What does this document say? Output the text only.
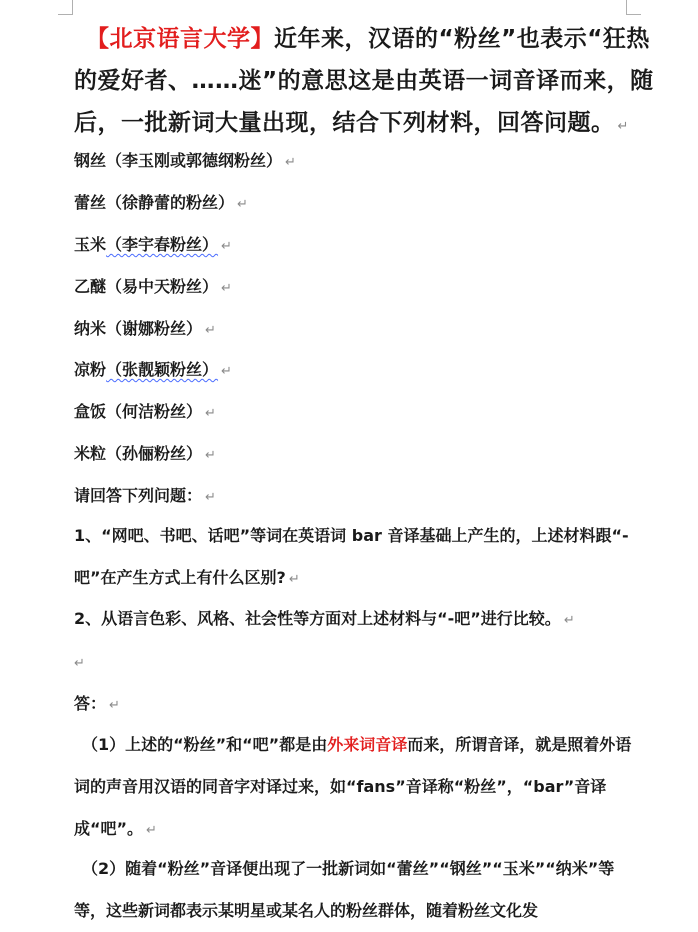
【北京语言大学】近年来，汉语的“粉丝”也表示“狂热的爱好者、……迷”的意思这是由英语一词音译而来，随后，一批新词大量出现，结合下列材料，回答问题。 ↵
钢丝（李玉刚或郭德纲粉丝） ↵
蕾丝（徐静蕾的粉丝） ↵
玉米（李宇春粉丝） ↵
乙醚（易中天粉丝） ↵
纳米（谢娜粉丝） ↵
凉粉（张靓颖粉丝） ↵
盒饭（何洁粉丝） ↵
米粒（孙俪粉丝） ↵
请回答下列问题： ↵
1、“网吧、书吧、话吧”等词在英语词 bar 音译基础上产生的，上述材料跟“-吧”在产生方式上有什么区别? ↵
2、从语言色彩、风格、社会性等方面对上述材料与“-吧”进行比较。 ↵
↵
答： ↵
（1）上述的“粉丝”和“吧”都是由外来词音译而来，所谓音译，就是照着外语词的声音用汉语的同音字对译过来，如“fans”音译称“粉丝”，“bar”音译成“吧”。 ↵
（2）随着“粉丝”音译便出现了一批新词如“蕾丝”“钢丝”“玉米”“纳米”等等，这些新词都表示某明星或某名人的粉丝群体，随着粉丝文化发
